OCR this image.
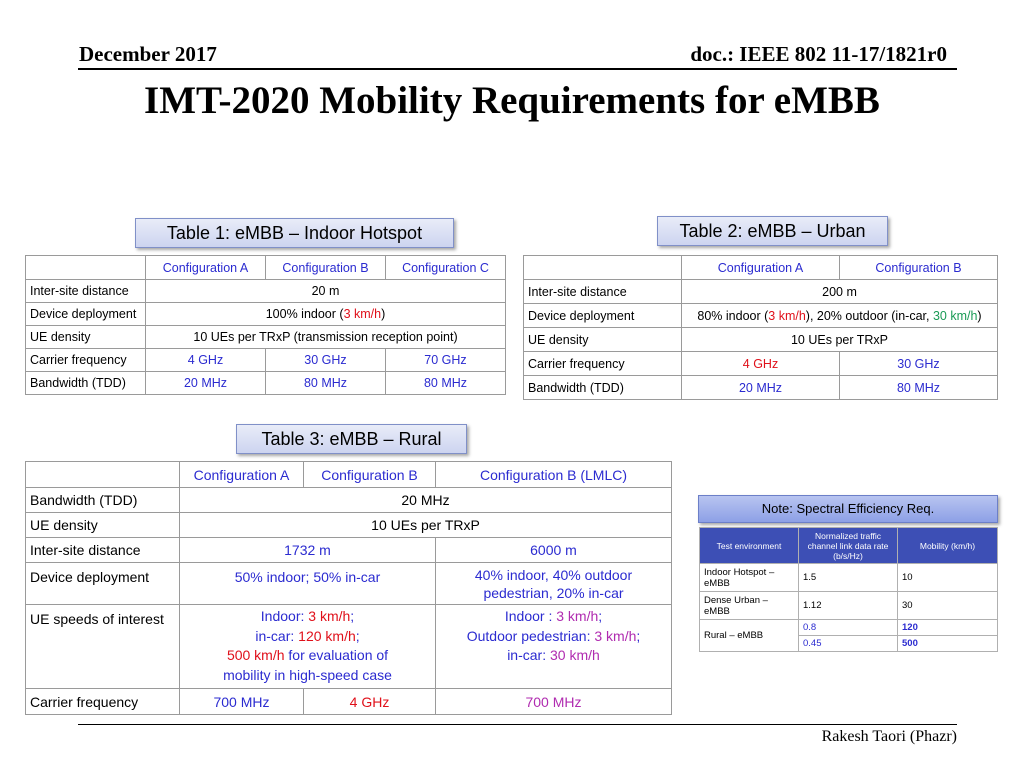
December 2017	doc.: IEEE 802 11-17/1821r0
IMT-2020 Mobility Requirements for eMBB
Table 1: eMBB – Indoor Hotspot
	Configuration A	Configuration B	Configuration C
Inter-site distance	20 m		
Device deployment	100% indoor (3 km/h)		
UE density	10 UEs per TRxP (transmission reception point)		
Carrier frequency	4 GHz	30 GHz	70 GHz
Bandwidth (TDD)	20 MHz	80 MHz	80 MHz
Table 2: eMBB – Urban
	Configuration A	Configuration B
Inter-site distance	200 m	
Device deployment	80% indoor (3 km/h), 20% outdoor (in-car, 30 km/h)	
UE density	10 UEs per TRxP	
Carrier frequency	4 GHz	30 GHz
Bandwidth (TDD)	20 MHz	80 MHz
Table 3: eMBB – Rural
	Configuration A	Configuration B	Configuration B (LMLC)
Bandwidth (TDD)	20 MHz		
UE density	10 UEs per TRxP		
Inter-site distance	1732 m		6000 m
Device deployment	50% indoor; 50% in-car		40% indoor, 40% outdoor pedestrian, 20% in-car
UE speeds of interest	Indoor: 3 km/h;
in-car: 120 km/h;
500 km/h for evaluation of
mobility in high-speed case		Indoor : 3 km/h;
Outdoor pedestrian: 3 km/h;
in-car: 30 km/h
Carrier frequency	700 MHz	4 GHz	700 MHz
Note: Spectral Efficiency Req.
Test environment	Normalized traffic channel link data rate (b/s/Hz)	Mobility (km/h)
Indoor Hotspot – eMBB	1.5	10
Dense Urban – eMBB	1.12	30
Rural – eMBB	0.8	120
	0.45	500
Rakesh Taori (Phazr)
